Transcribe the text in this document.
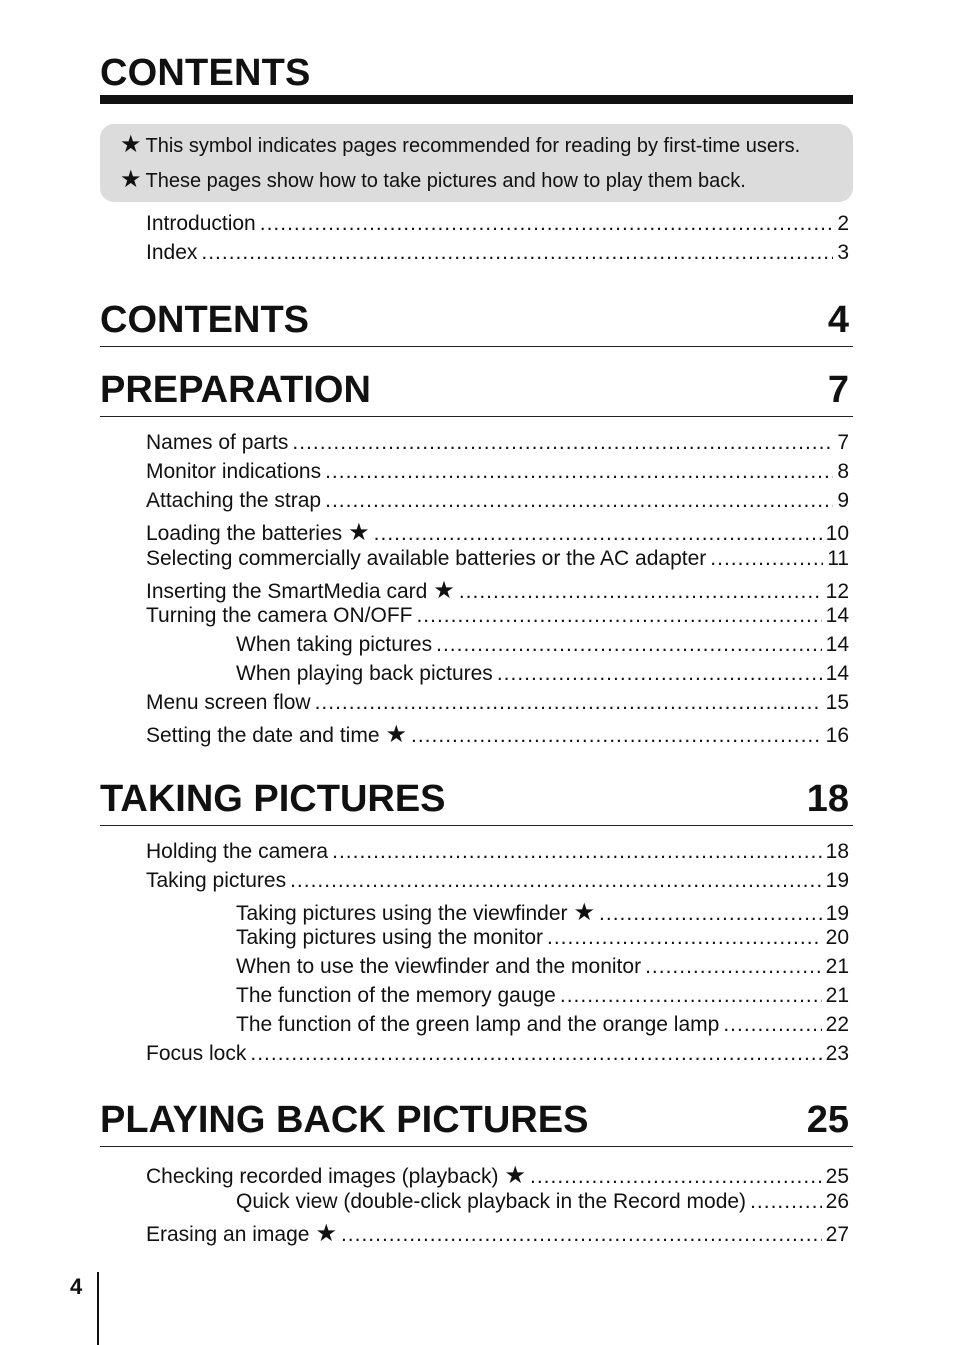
CONTENTS
★ This symbol indicates pages recommended for reading by first-time users.
★ These pages show how to take pictures and how to play them back.
Introduction .....	2
Index .....	3
CONTENTS	4
PREPARATION	7
Names of parts .....	7
Monitor indications .....	8
Attaching the strap .....	9
Loading the batteries ★ .....	10
Selecting commercially available batteries or the AC adapter .....	11
Inserting the SmartMedia card ★ .....	12
Turning the camera ON/OFF .....	14
When taking pictures .....	14
When playing back pictures .....	14
Menu screen flow .....	15
Setting the date and time ★ .....	16
TAKING PICTURES	18
Holding the camera .....	18
Taking pictures .....	19
Taking pictures using the viewfinder ★ .....	19
Taking pictures using the monitor .....	20
When to use the viewfinder and the monitor .....	21
The function of the memory gauge .....	21
The function of the green lamp and the orange lamp .....	22
Focus lock .....	23
PLAYING BACK PICTURES	25
Checking recorded images (playback) ★ .....	25
Quick view (double-click playback in the Record mode) .....	26
Erasing an image ★ .....	27
4
